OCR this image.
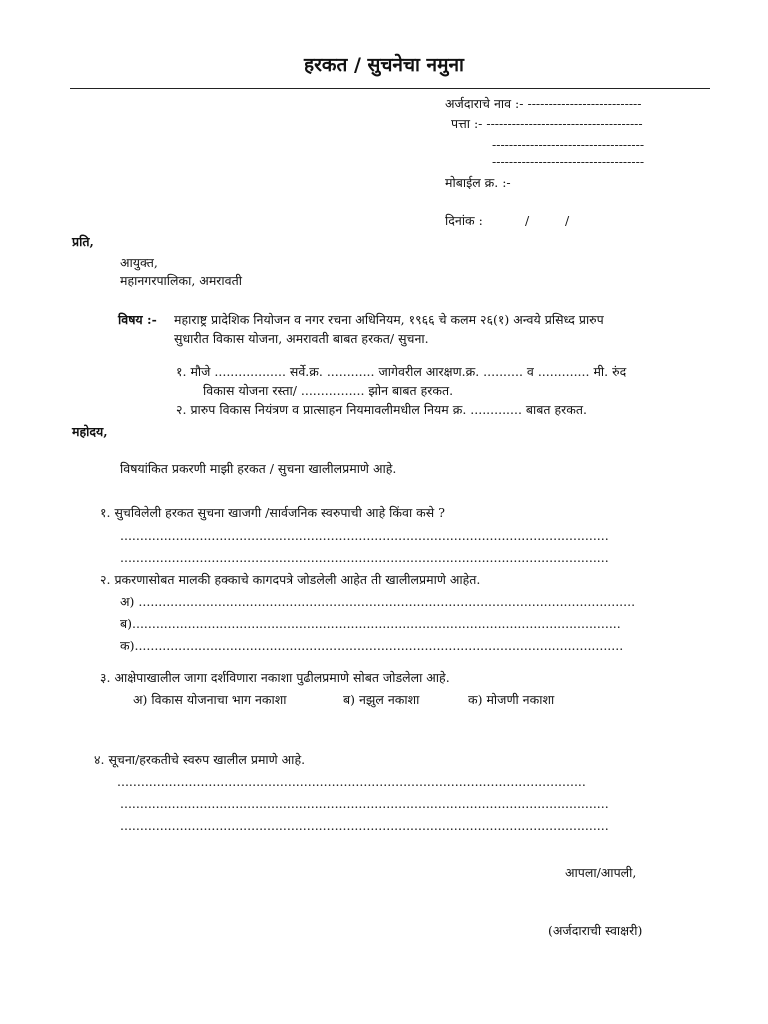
हरकत / सुचनेचा नमुना
अर्जदाराचे नाव :- ---------------------------
पत्ता :- -------------------------------------
------------------------------------
------------------------------------
मोबाईल क्र. :-
दिनांक :	/	/
प्रति,
आयुक्त,
महानगरपालिका, अमरावती
विषय :- महाराष्ट्र प्रादेशिक नियोजन व नगर रचना अधिनियम, १९६६ चे कलम २६(१) अन्वये प्रसिध्द प्रारुप
सुधारीत विकास योजना, अमरावती बाबत हरकत/ सुचना.
१. मौजे .................. सर्वे.क्र. ............ जागेवरील आरक्षण.क्र. .......... व ............. मी. रुंद
विकास योजना रस्ता/ ................ झोन बाबत हरकत.
२. प्रारुप विकास नियंत्रण व प्रात्साहन नियमावलीमधील नियम क्र. ............. बाबत हरकत.
महोदय,
विषयांकित प्रकरणी माझी हरकत / सुचना खालीलप्रमाणे आहे.
१. सुचविलेली हरकत सुचना खाजगी /सार्वजनिक स्वरुपाची आहे किंवा कसे ?
...........................................................................................................................
...........................................................................................................................
२. प्रकरणासोबत मालकी हक्काचे कागदपत्रे जोडलेली आहेत ती खालीलप्रमाणे आहेत.
अ) .............................................................................................................................
ब)...........................................................................................................................
क)...........................................................................................................................
३. आक्षेपाखालील जागा दर्शविणारा नकाशा पुढीलप्रमाणे सोबत जोडलेला आहे.
अ) विकास योजनाचा भाग नकाशा	ब) नझुल नकाशा	क) मोजणी नकाशा
४. सूचना/हरकतीचे स्वरुप खालील प्रमाणे आहे.
......................................................................................................................
...........................................................................................................................
...........................................................................................................................
आपला/आपली,
(अर्जदाराची स्वाक्षरी)
